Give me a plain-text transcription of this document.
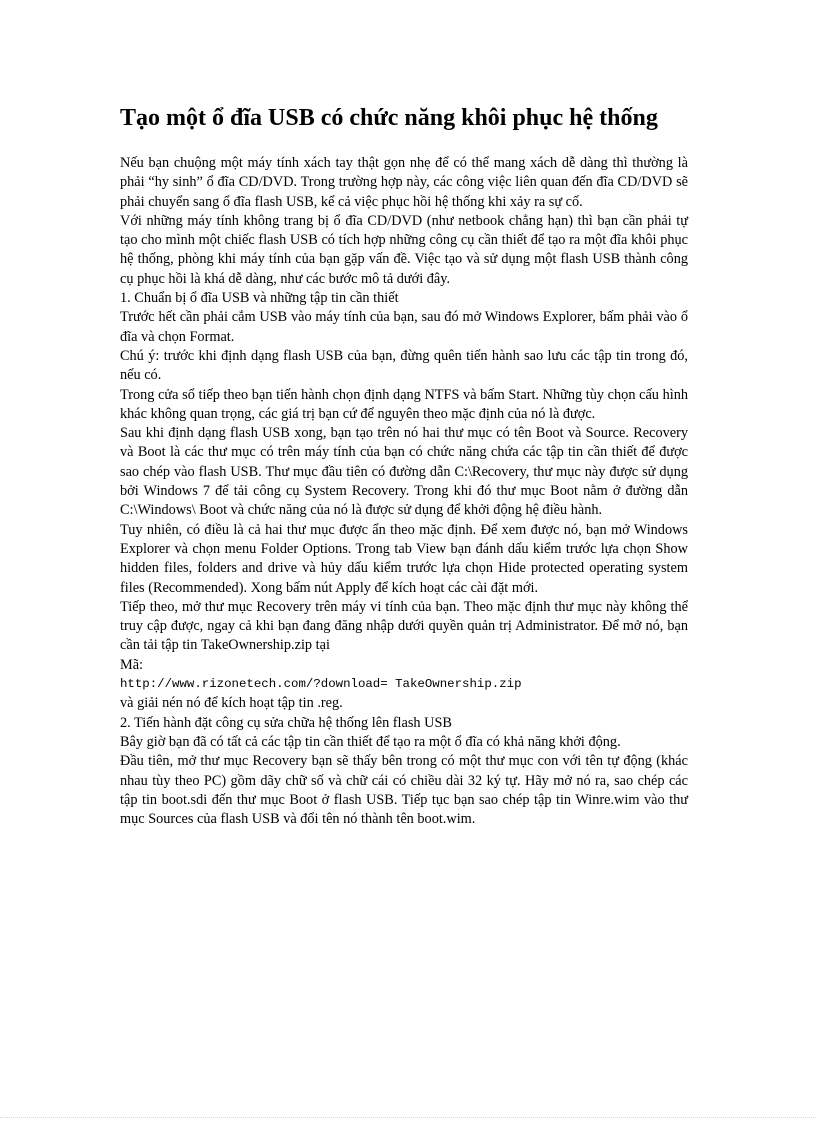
Tạo một ổ đĩa USB có chức năng khôi phục hệ thống

Nếu bạn chuộng một máy tính xách tay thật gọn nhẹ để có thể mang xách dễ dàng thì thường là phải “hy sinh” ổ đĩa CD/DVD. Trong trường hợp này, các công việc liên quan đến đĩa CD/DVD sẽ phải chuyển sang ổ đĩa flash USB, kể cả việc phục hồi hệ thống khi xảy ra sự cố.

Với những máy tính không trang bị ổ đĩa CD/DVD (như netbook chẳng hạn) thì bạn cần phải tự tạo cho mình một chiếc flash USB có tích hợp những công cụ cần thiết để tạo ra một đĩa khôi phục hệ thống, phòng khi máy tính của bạn gặp vấn đề. Việc tạo và sử dụng một flash USB thành công cụ phục hồi là khá dễ dàng, như các bước mô tả dưới đây.

1. Chuẩn bị ổ đĩa USB và những tập tin cần thiết

Trước hết cần phải cắm USB vào máy tính của bạn, sau đó mở Windows Explorer, bấm phải vào ổ đĩa và chọn Format.

Chú ý: trước khi định dạng flash USB của bạn, đừng quên tiến hành sao lưu các tập tin trong đó, nếu có.

Trong cửa sổ tiếp theo bạn tiến hành chọn định dạng NTFS và bấm Start. Những tùy chọn cấu hình khác không quan trọng, các giá trị bạn cứ để nguyên theo mặc định của nó là được.

Sau khi định dạng flash USB xong, bạn tạo trên nó hai thư mục có tên Boot và Source. Recovery và Boot là các thư mục có trên máy tính của bạn có chức năng chứa các tập tin cần thiết để được sao chép vào flash USB. Thư mục đầu tiên có đường dẫn C:\Recovery, thư mục này được sử dụng bởi Windows 7 để tải công cụ System Recovery. Trong khi đó thư mục Boot nằm ở đường dẫn C:\Windows\ Boot và chức năng của nó là được sử dụng để khởi động hệ điều hành.

Tuy nhiên, có điều là cả hai thư mục được ẩn theo mặc định. Để xem được nó, bạn mở Windows Explorer và chọn menu Folder Options. Trong tab View bạn đánh dấu kiểm trước lựa chọn Show hidden files, folders and drive và hủy dấu kiểm trước lựa chọn Hide protected operating system files (Recommended). Xong bấm nút Apply để kích hoạt các cài đặt mới.

Tiếp theo, mở thư mục Recovery trên máy vi tính của bạn. Theo mặc định thư mục này không thể truy cập được, ngay cả khi bạn đang đăng nhập dưới quyền quản trị Administrator. Để mở nó, bạn cần tải tập tin TakeOwnership.zip tại

Mã:

http://www.rizonetech.com/?download= TakeOwnership.zip

và giải nén nó để kích hoạt tập tin .reg.

2. Tiến hành đặt công cụ sửa chữa hệ thống lên flash USB

Bây giờ bạn đã có tất cả các tập tin cần thiết để tạo ra một ổ đĩa có khả năng khởi động.

Đầu tiên, mở thư mục Recovery bạn sẽ thấy bên trong có một thư mục con với tên tự động (khác nhau tùy theo PC) gồm dãy chữ số và chữ cái có chiều dài 32 ký tự. Hãy mở nó ra, sao chép các tập tin boot.sdi đến thư mục Boot ở flash USB. Tiếp tục bạn sao chép tập tin Winre.wim vào thư mục Sources của flash USB và đổi tên nó thành tên boot.wim.
